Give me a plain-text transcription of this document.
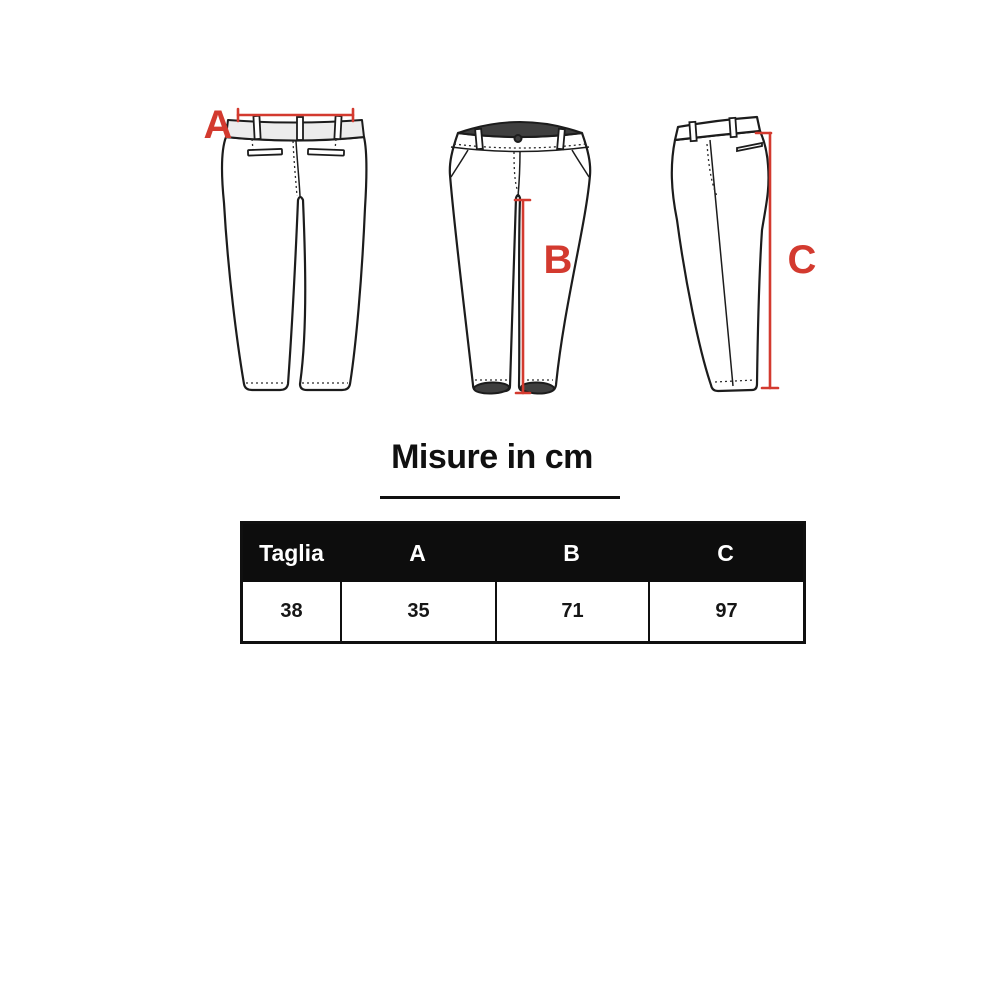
A
B	C
Misure in cm
Taglia	A	B	C
38	35	71	97
